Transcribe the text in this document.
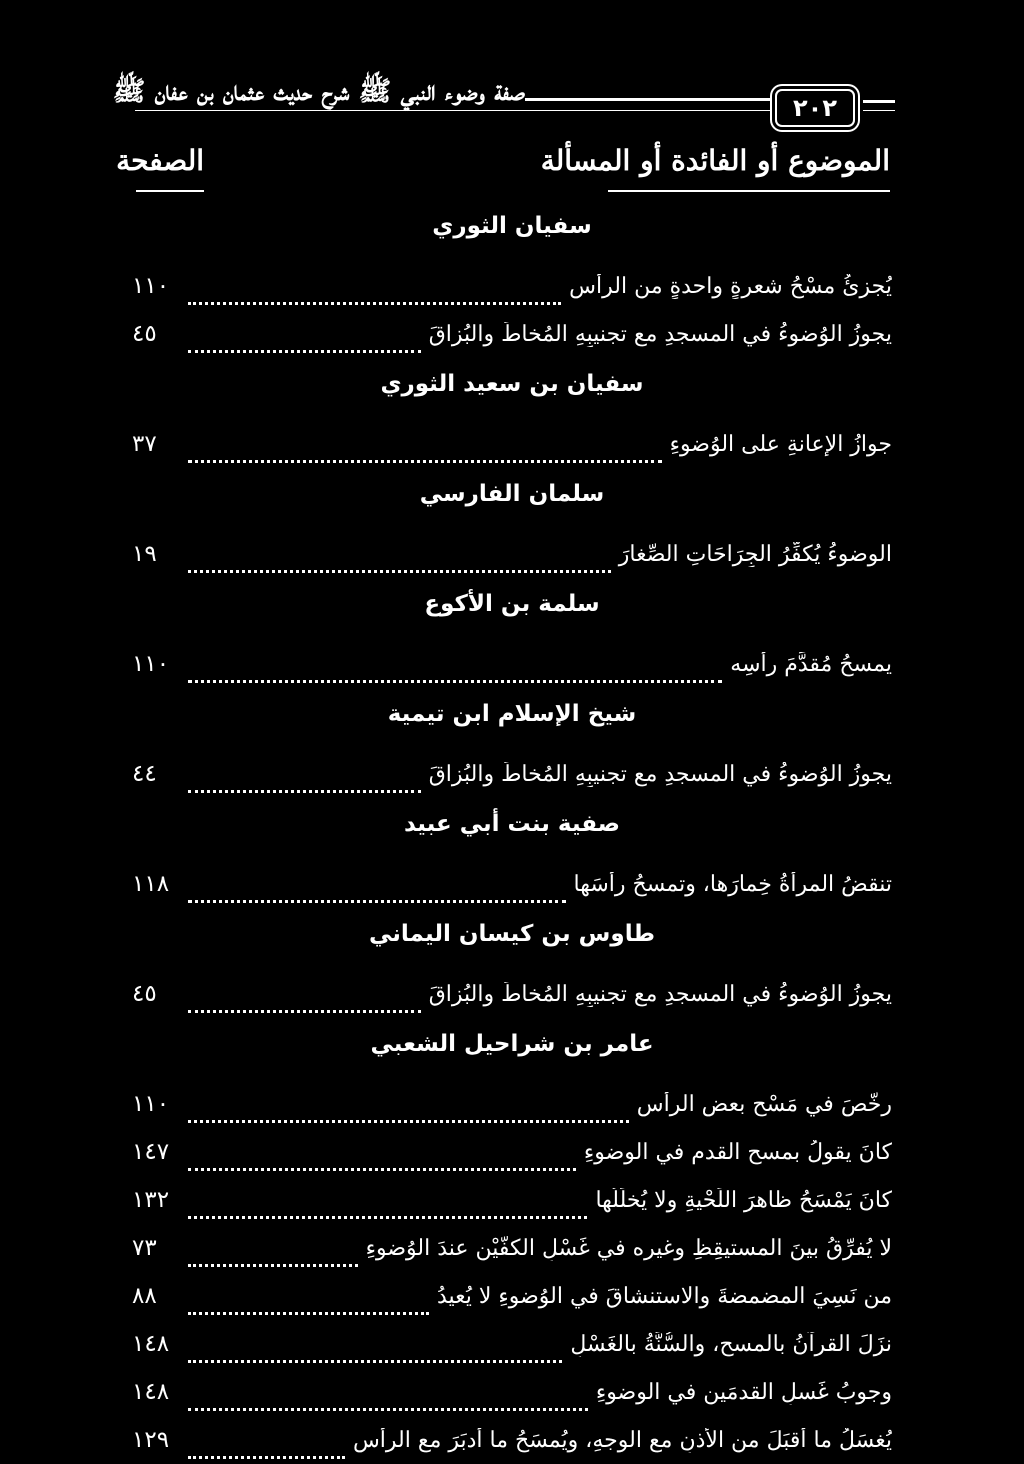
صفة وضوء النبي ﷺ شرح حديث عثمان بن عفان ﷺ
٢٠٢
الموضوع أو الفائدة أو المسألة
الصفحة
سفيان الثوري
يُجزئُ مسْحُ شعرةٍ واحدةٍ من الرأسِ
١١٠
يجوزُ الوُضوءُ في المسجدِ مع تجنيبِهِ المُخاطَ والبُزاقَ
٤٥
سفيان بن سعيد الثوري
جوازُ الإعانةِ على الوُضوءِ
٣٧
سلمان الفارسي
الوضوءُ يُكفِّرُ الجِرَاحَاتِ الصِّغارَ
١٩
سلمة بن الأكوع
يمسحُ مُقدَّمَ رأسِه
١١٠
شيخ الإسلام ابن تيمية
يجوزُ الوُضوءُ في المسجدِ مع تجنيبِهِ المُخاطَ والبُزاقَ
٤٤
صفية بنت أبي عبيد
تنقضُ المرأةُ خِمارَها، وتمسحُ رأسَها
١١٨
طاوس بن كيسان اليماني
يجوزُ الوُضوءُ في المسجدِ مع تجنيبِهِ المُخاطَ والبُزاقَ
٤٥
عامر بن شراحيل الشعبي
رخَّصَ في مَسْحِ بعضِ الرأسِ
١١٠
كانَ يقولُ بمسحِ القدمِ في الوضوءِ
١٤٧
كانَ يَمْسَحُ ظاهرَ اللِّحْيةِ ولا يُخلِّلُها
١٣٢
لا يُفرِّقُ بينَ المستيقِظِ وغيرِه في غَسْلِ الكفَّيْنِ عندَ الوُضوءِ
٧٣
من نَسِيَ المضمضةَ والاستنشاقَ في الوُضوءِ لا يُعيدُ
٨٨
نزَلَ القرآنُ بالمسحِ، والسُّنَّةُ بالغَسْلِ
١٤٨
وجوبُ غَسلِ القدمَينِ في الوضوءِ
١٤٨
يُغسَلُ ما أقبَلَ من الأذنِ مع الوجهِ، ويُمسَحُ ما أدبَرَ مع الرأسِ
١٢٩
